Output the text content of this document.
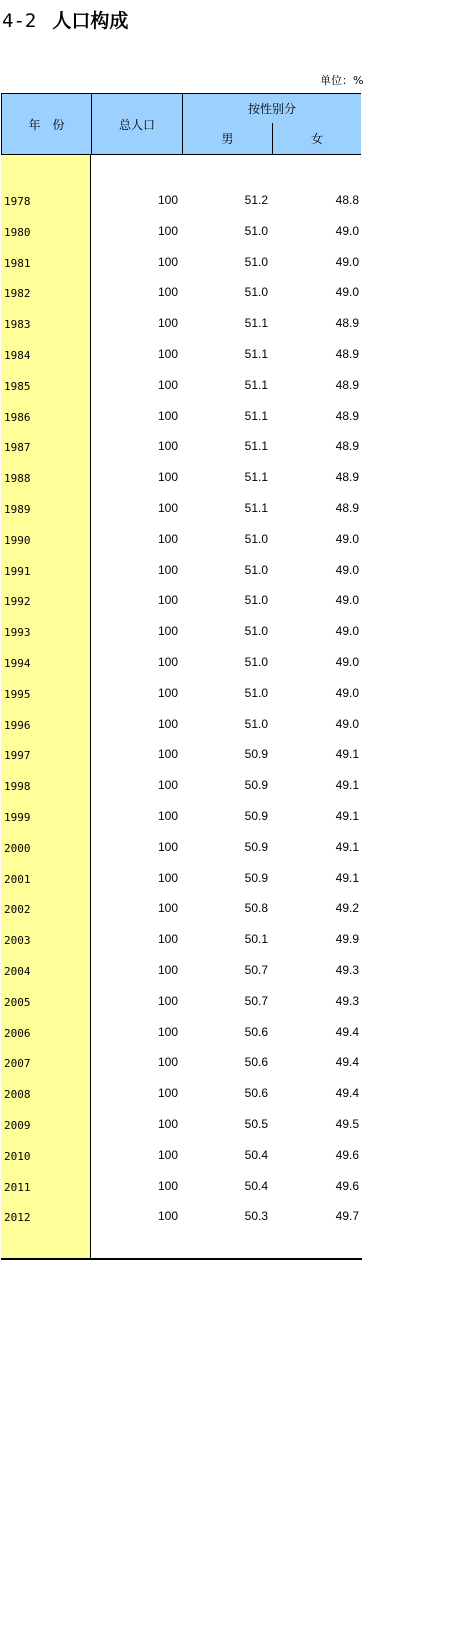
4-2 人口构成
单位：%
年　份	总人口
按性别分
男	女
1978	100	51.2	48.8
1980	100	51.0	49.0
1981	100	51.0	49.0
1982	100	51.0	49.0
1983	100	51.1	48.9
1984	100	51.1	48.9
1985	100	51.1	48.9
1986	100	51.1	48.9
1987	100	51.1	48.9
1988	100	51.1	48.9
1989	100	51.1	48.9
1990	100	51.0	49.0
1991	100	51.0	49.0
1992	100	51.0	49.0
1993	100	51.0	49.0
1994	100	51.0	49.0
1995	100	51.0	49.0
1996	100	51.0	49.0
1997	100	50.9	49.1
1998	100	50.9	49.1
1999	100	50.9	49.1
2000	100	50.9	49.1
2001	100	50.9	49.1
2002	100	50.8	49.2
2003	100	50.1	49.9
2004	100	50.7	49.3
2005	100	50.7	49.3
2006	100	50.6	49.4
2007	100	50.6	49.4
2008	100	50.6	49.4
2009	100	50.5	49.5
2010	100	50.4	49.6
2011	100	50.4	49.6
2012	100	50.3	49.7
